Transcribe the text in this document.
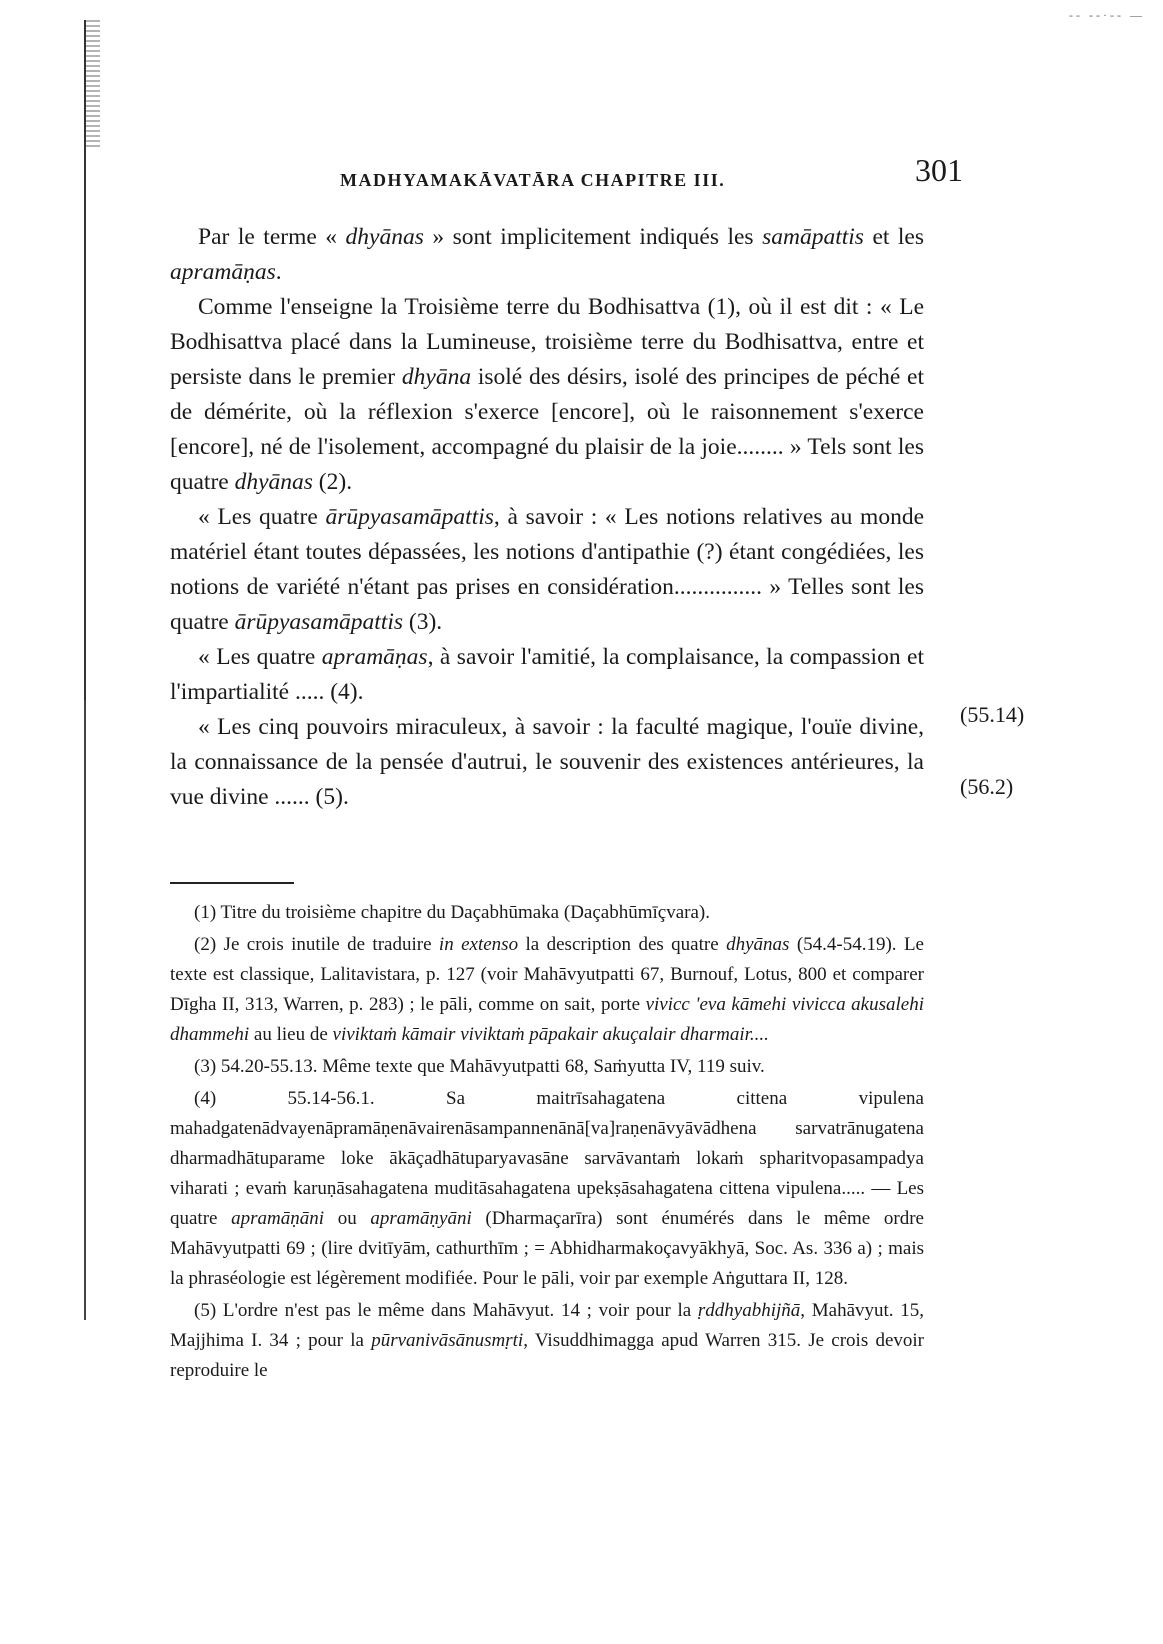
-- --·-- —
MADHYAMAKĀVATĀRA CHAPITRE III.	301

Par le terme « dhyānas » sont implicitement indiqués les samāpattis et les apramāṇas.

Comme l'enseigne la Troisième terre du Bodhisattva (1), où il est dit : « Le Bodhisattva placé dans la Lumineuse, troisième terre du Bodhisattva, entre et persiste dans le premier dhyāna isolé des désirs, isolé des principes de péché et de démérite, où la réflexion s'exerce [encore], où le raisonnement s'exerce [encore], né de l'isolement, accompagné du plaisir de la joie........ » Tels sont les quatre dhyānas (2).

« Les quatre ārūpyasamāpattis, à savoir : « Les notions relatives au monde matériel étant toutes dépassées, les notions d'antipathie (?) étant congédiées, les notions de variété n'étant pas prises en considération............... » Telles sont les quatre ārūpyasamāpattis (3).

« Les quatre apramāṇas, à savoir l'amitié, la complaisance, la compassion et l'impartialité ..... (4).

« Les cinq pouvoirs miraculeux, à savoir : la faculté magique, l'ouïe divine, la connaissance de la pensée d'autrui, le souvenir des existences antérieures, la vue divine ...... (5).

(55.14)
(56.2)

(1) Titre du troisième chapitre du Daçabhūmaka (Daçabhūmīçvara).

(2) Je crois inutile de traduire in extenso la description des quatre dhyānas (54.4-54.19). Le texte est classique, Lalitavistara, p. 127 (voir Mahāvyutpatti 67, Burnouf, Lotus, 800 et comparer Dīgha II, 313, Warren, p. 283) ; le pāli, comme on sait, porte vivicc 'eva kāmehi vivicca akusalehi dhammehi au lieu de viviktaṁ kāmair viviktaṁ pāpakair akuçalair dharmair....

(3) 54.20-55.13. Même texte que Mahāvyutpatti 68, Saṁyutta IV, 119 suiv.

(4) 55.14-56.1. Sa maitrīsahagatena cittena vipulena mahadgatenādvayenāpramāṇenāvairenāsampannenānā[va]raṇenāvyāvādhena sarvatrānugatena dharmadhātuparame loke ākāçadhātuparyavasāne sarvāvantaṁ lokaṁ spharitvopasampadya viharati ; evaṁ karuṇāsahagatena muditāsahagatena upekṣāsahagatena cittena vipulena..... — Les quatre apramāṇāni ou apramāṇyāni (Dharmaçarīra) sont énumérés dans le même ordre Mahāvyutpatti 69 ; (lire dvitīyām, cathurthīm ; = Abhidharmakoçavyākhyā, Soc. As. 336 a) ; mais la phraséologie est légèrement modifiée. Pour le pāli, voir par exemple Aṅguttara II, 128.

(5) L'ordre n'est pas le même dans Mahāvyut. 14 ; voir pour la ṛddhyabhijñā, Mahāvyut. 15, Majjhima I. 34 ; pour la pūrvanivāsānusmṛti, Visuddhimagga apud Warren 315. Je crois devoir reproduire le
